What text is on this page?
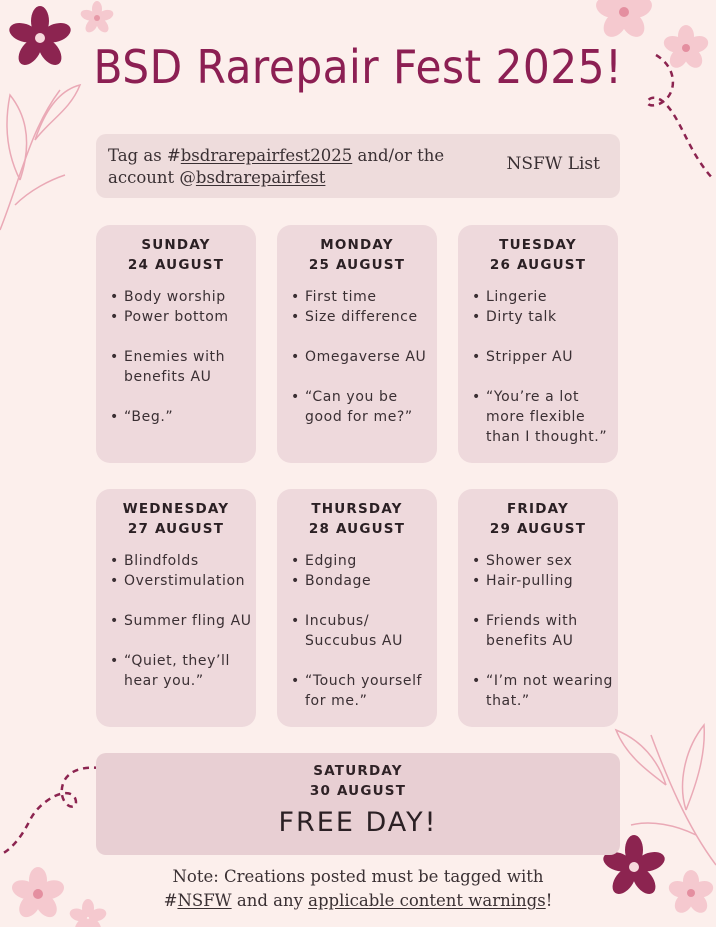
BSD Rarepair Fest 2025!
Tag as #bsdrarepairfest2025 and/or the account @bsdrarepairfest
NSFW List
SUNDAY
24 AUGUST
• Body worship
• Power bottom
• Enemies with benefits AU
• “Beg.”
MONDAY
25 AUGUST
• First time
• Size difference
• Omegaverse AU
• “Can you be good for me?”
TUESDAY
26 AUGUST
• Lingerie
• Dirty talk
• Stripper AU
• “You’re a lot more flexible than I thought.”
WEDNESDAY
27 AUGUST
• Blindfolds
• Overstimulation
• Summer fling AU
• “Quiet, they’ll hear you.”
THURSDAY
28 AUGUST
• Edging
• Bondage
• Incubus/ Succubus AU
• “Touch yourself for me.”
FRIDAY
29 AUGUST
• Shower sex
• Hair-pulling
• Friends with benefits AU
• “I’m not wearing that.”
SATURDAY
30 AUGUST
FREE DAY!
Note: Creations posted must be tagged with
#NSFW and any applicable content warnings!
